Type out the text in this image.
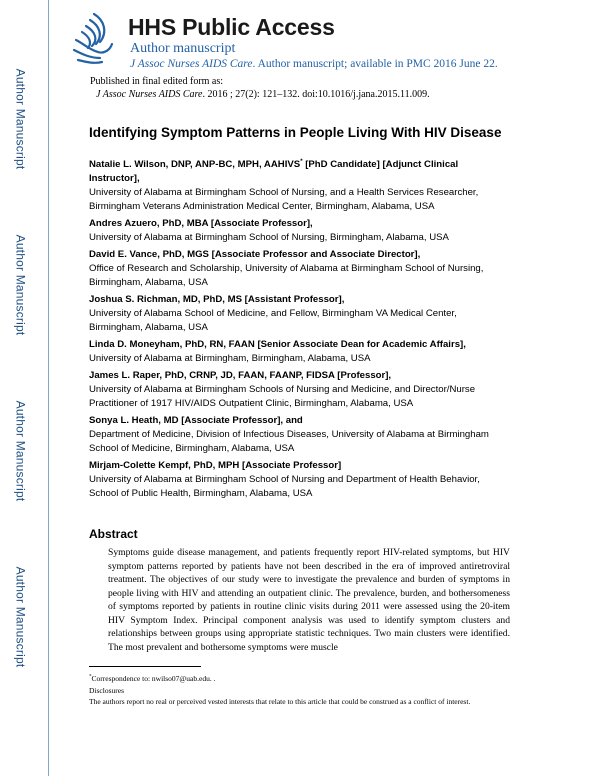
Author Manuscript
Author Manuscript
Author Manuscript
Author Manuscript
HHS Public Access
Author manuscript
J Assoc Nurses AIDS Care. Author manuscript; available in PMC 2016 June 22.
Published in final edited form as:
J Assoc Nurses AIDS Care. 2016 ; 27(2): 121–132. doi:10.1016/j.jana.2015.11.009.
Identifying Symptom Patterns in People Living With HIV Disease
Natalie L. Wilson, DNP, ANP-BC, MPH, AAHIVS* [PhD Candidate] [Adjunct Clinical Instructor],
University of Alabama at Birmingham School of Nursing, and a Health Services Researcher, Birmingham Veterans Administration Medical Center, Birmingham, Alabama, USA
Andres Azuero, PhD, MBA [Associate Professor],
University of Alabama at Birmingham School of Nursing, Birmingham, Alabama, USA
David E. Vance, PhD, MGS [Associate Professor and Associate Director],
Office of Research and Scholarship, University of Alabama at Birmingham School of Nursing, Birmingham, Alabama, USA
Joshua S. Richman, MD, PhD, MS [Assistant Professor],
University of Alabama School of Medicine, and Fellow, Birmingham VA Medical Center, Birmingham, Alabama, USA
Linda D. Moneyham, PhD, RN, FAAN [Senior Associate Dean for Academic Affairs],
University of Alabama at Birmingham, Birmingham, Alabama, USA
James L. Raper, PhD, CRNP, JD, FAAN, FAANP, FIDSA [Professor],
University of Alabama at Birmingham Schools of Nursing and Medicine, and Director/Nurse Practitioner of 1917 HIV/AIDS Outpatient Clinic, Birmingham, Alabama, USA
Sonya L. Heath, MD [Associate Professor], and
Department of Medicine, Division of Infectious Diseases, University of Alabama at Birmingham School of Medicine, Birmingham, Alabama, USA
Mirjam-Colette Kempf, PhD, MPH [Associate Professor]
University of Alabama at Birmingham School of Nursing and Department of Health Behavior, School of Public Health, Birmingham, Alabama, USA
Abstract
Symptoms guide disease management, and patients frequently report HIV-related symptoms, but HIV symptom patterns reported by patients have not been described in the era of improved antiretroviral treatment. The objectives of our study were to investigate the prevalence and burden of symptoms in people living with HIV and attending an outpatient clinic. The prevalence, burden, and bothersomeness of symptoms reported by patients in routine clinic visits during 2011 were assessed using the 20-item HIV Symptom Index. Principal component analysis was used to identify symptom clusters and relationships between groups using appropriate statistic techniques. Two main clusters were identified. The most prevalent and bothersome symptoms were muscle
*Correspondence to: nwilso07@uab.edu. .
Disclosures
The authors report no real or perceived vested interests that relate to this article that could be construed as a conflict of interest.
